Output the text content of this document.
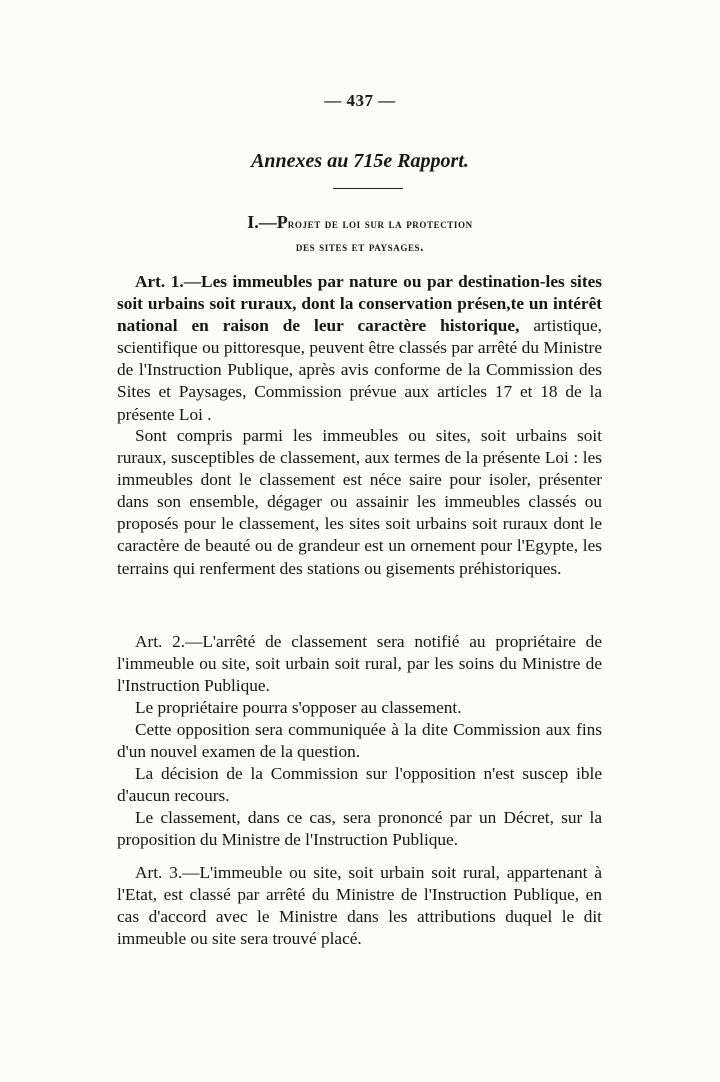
— 437 —
Annexes au 715e Rapport.
I.—Projet de loi sur la protection
des sites et paysages.

Art. 1.—Les immeubles par nature ou par destination-les sites soit urbains soit ruraux, dont la conservation présen,te un intérêt national en raison de leur caractère historique, artistique, scientifique ou pittoresque, peuvent être classés par arrêté du Ministre de l'Instruction Publique, après avis conforme de la Commission des Sites et Paysages, Commission prévue aux articles 17 et 18 de la présente Loi .

Sont compris parmi les immeubles ou sites, soit urbains soit ruraux, susceptibles de classement, aux termes de la présente Loi : les immeubles dont le classement est néce saire pour isoler, présenter dans son ensemble, dégager ou assainir les immeubles classés ou proposés pour le classement, les sites soit urbains soit ruraux dont le caractère de beauté ou de grandeur est un ornement pour l'Egypte, les terrains qui renferment des stations ou gisements préhistoriques.

Art. 2.—L'arrêté de classement sera notifié au propriétaire de l'immeuble ou site, soit urbain soit rural, par les soins du Ministre de l'Instruction Publique.

Le propriétaire pourra s'opposer au classement.

Cette opposition sera communiquée à la dite Commission aux fins d'un nouvel examen de la question.

La décision de la Commission sur l'opposition n'est suscep ible d'aucun recours.

Le classement, dans ce cas, sera prononcé par un Décret, sur la proposition du Ministre de l'Instruction Publique.

Art. 3.—L'immeuble ou site, soit urbain soit rural, appartenant à l'Etat, est classé par arrêté du Ministre de l'Instruction Publique, en cas d'accord avec le Ministre dans les attributions duquel le dit immeuble ou site sera trouvé placé.
